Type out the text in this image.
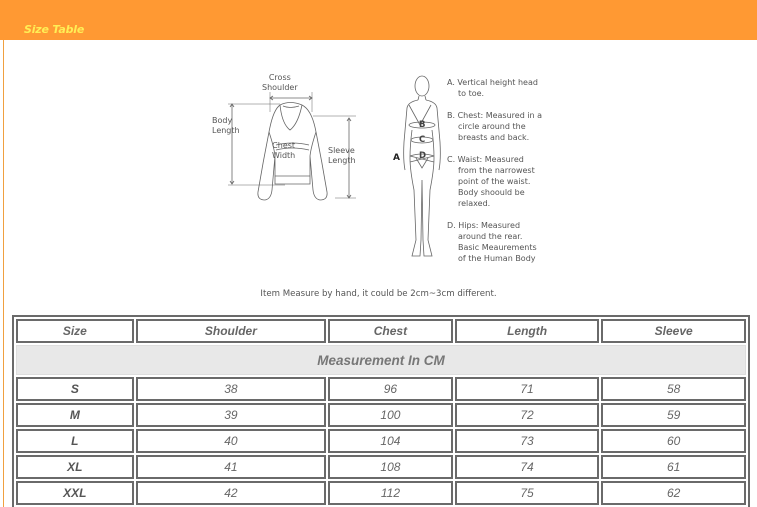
Size Table
Cross
Shoulder
Body
Length
Chest
Width	Sleeve
Length	A
B
C
D
A. Vertical height head
to toe.
B. Chest: Measured in a
circle around the
breasts and back.
C. Waist: Measured
from the narrowest
point of the waist.
Body shoould be
relaxed.
D. Hips: Measured
around the rear.
Basic Meaurements
of the Human Body
Item Measure by hand, it could be 2cm~3cm different.
Size	Shoulder	Chest	Length	Sleeve
Measurement In CM				
S	38	96	71	58
M	39	100	72	59
L	40	104	73	60
XL	41	108	74	61
XXL	42	112	75	62
